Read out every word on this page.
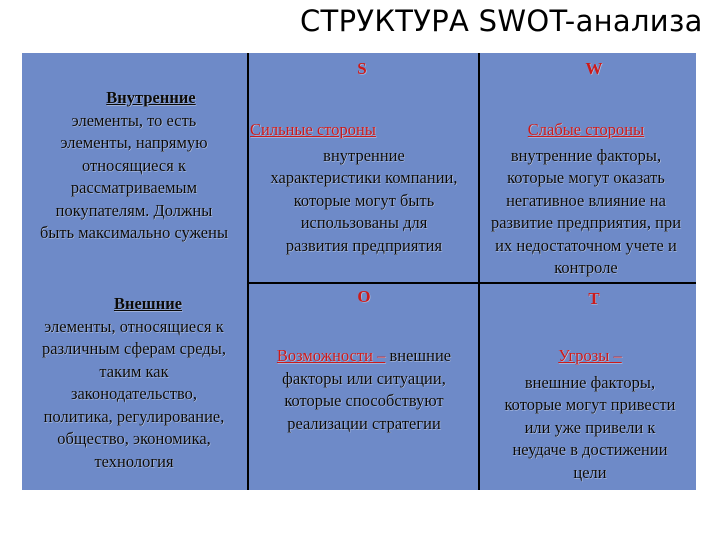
СТРУКТУРА SWOT-анализа
S	W
O	T
Внутренние
элементы, то есть
элементы, напрямую
относящиеся к
рассматриваемым
покупателям. Должны
быть максимально сужены
Внешние
элементы, относящиеся к
различным сферам среды,
таким как
законодательство,
политика, регулирование,
общество, экономика,
технология
Сильные стороны
внутренние
характеристики компании,
которые могут быть
использованы для
развития предприятия
Слабые стороны
внутренние факторы,
которые могут оказать
негативное влияние на
развитие предприятия, при
их недостаточном учете и
контроле
Возможности – внешние
факторы или ситуации,
которые способствуют
реализации стратегии
Угрозы –
внешние факторы,
которые могут привести
или уже привели к
неудаче в достижении
цели
